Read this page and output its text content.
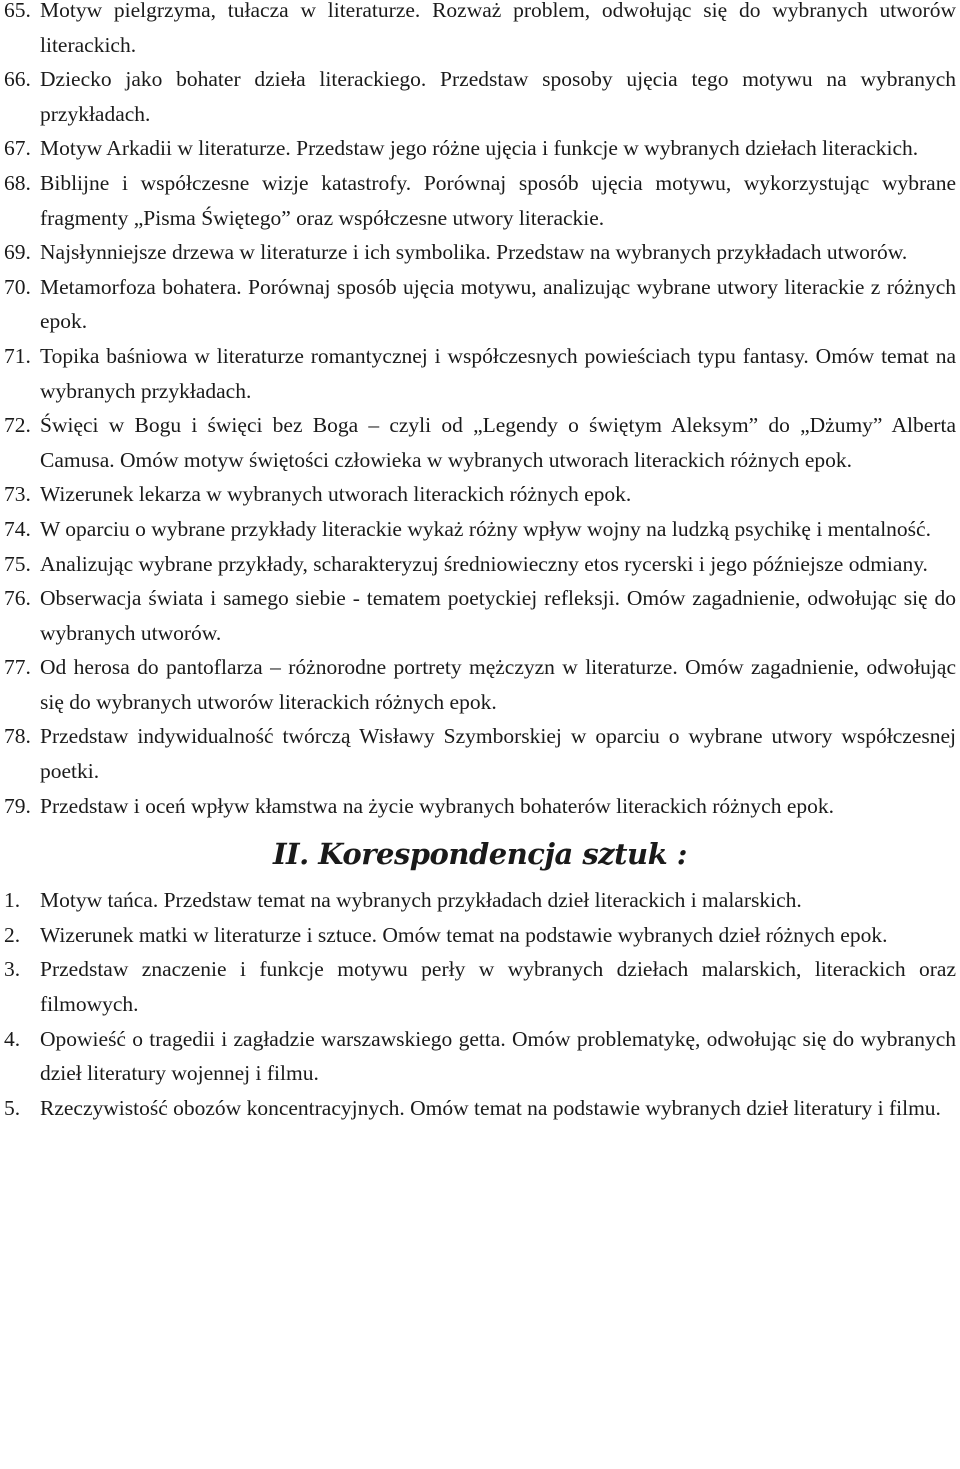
65. Motyw pielgrzyma, tułacza w literaturze. Rozważ problem, odwołując się do wybranych utworów literackich.
66. Dziecko jako bohater dzieła literackiego. Przedstaw sposoby ujęcia tego motywu na wybranych przykładach.
67. Motyw Arkadii w literaturze. Przedstaw jego różne ujęcia i funkcje w wybranych dziełach literackich.
68. Biblijne i współczesne wizje katastrofy. Porównaj sposób ujęcia motywu, wykorzystując wybrane fragmenty „Pisma Świętego” oraz współczesne utwory literackie.
69. Najsłynniejsze drzewa w literaturze i ich symbolika. Przedstaw na wybranych przykładach utworów.
70. Metamorfoza bohatera. Porównaj sposób ujęcia motywu, analizując wybrane utwory literackie z różnych epok.
71. Topika baśniowa w literaturze romantycznej i współczesnych powieściach typu fantasy. Omów temat na wybranych przykładach.
72. Święci w Bogu i święci bez Boga – czyli od „Legendy o świętym Aleksym” do „Dżumy” Alberta Camusa. Omów motyw świętości człowieka w wybranych utworach literackich różnych epok.
73. Wizerunek lekarza w wybranych utworach literackich różnych epok.
74. W oparciu o wybrane przykłady literackie wykaż różny wpływ wojny na ludzką psychikę i mentalność.
75. Analizując wybrane przykłady, scharakteryzuj średniowieczny etos rycerski i jego późniejsze odmiany.
76. Obserwacja świata i samego siebie - tematem poetyckiej refleksji. Omów zagadnienie, odwołując się do wybranych utworów.
77. Od herosa do pantoflarza – różnorodne portrety mężczyzn w literaturze. Omów zagadnienie, odwołując się do wybranych utworów literackich różnych epok.
78. Przedstaw indywidualność twórczą Wisławy Szymborskiej w oparciu o wybrane utwory współczesnej poetki.
79. Przedstaw i oceń wpływ kłamstwa na życie wybranych bohaterów literackich różnych epok.
II. Korespondencja sztuk :
1. Motyw tańca. Przedstaw temat na wybranych przykładach dzieł literackich i malarskich.
2. Wizerunek matki w literaturze i sztuce. Omów temat na podstawie wybranych dzieł różnych epok.
3. Przedstaw znaczenie i funkcje motywu perły w wybranych dziełach malarskich, literackich oraz filmowych.
4. Opowieść o tragedii i zagładzie warszawskiego getta. Omów problematykę, odwołując się do wybranych dzieł literatury wojennej i filmu.
5. Rzeczywistość obozów koncentracyjnych. Omów temat na podstawie wybranych dzieł literatury i filmu.
